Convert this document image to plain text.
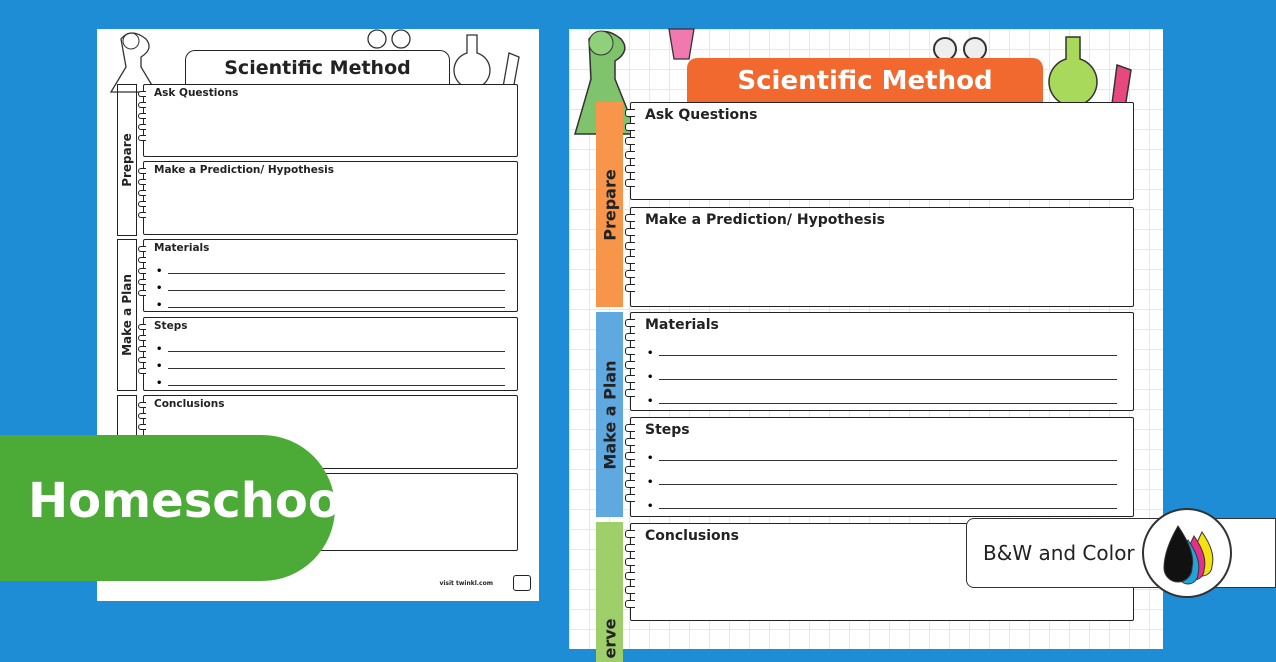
Scientific Method
Prepare
Make a Plan
Ask Questions
Make a Prediction/ Hypothesis
Materials
•
•
•
Steps
•
•
•
Conclusions
visit twinkl.com
Scientific Method
Prepare
Make a Plan
erve
Ask Questions
Make a Prediction/ Hypothesis
Materials
•
•
•
Steps
•
•
•
Conclusions
Homeschool
B&W and Color
